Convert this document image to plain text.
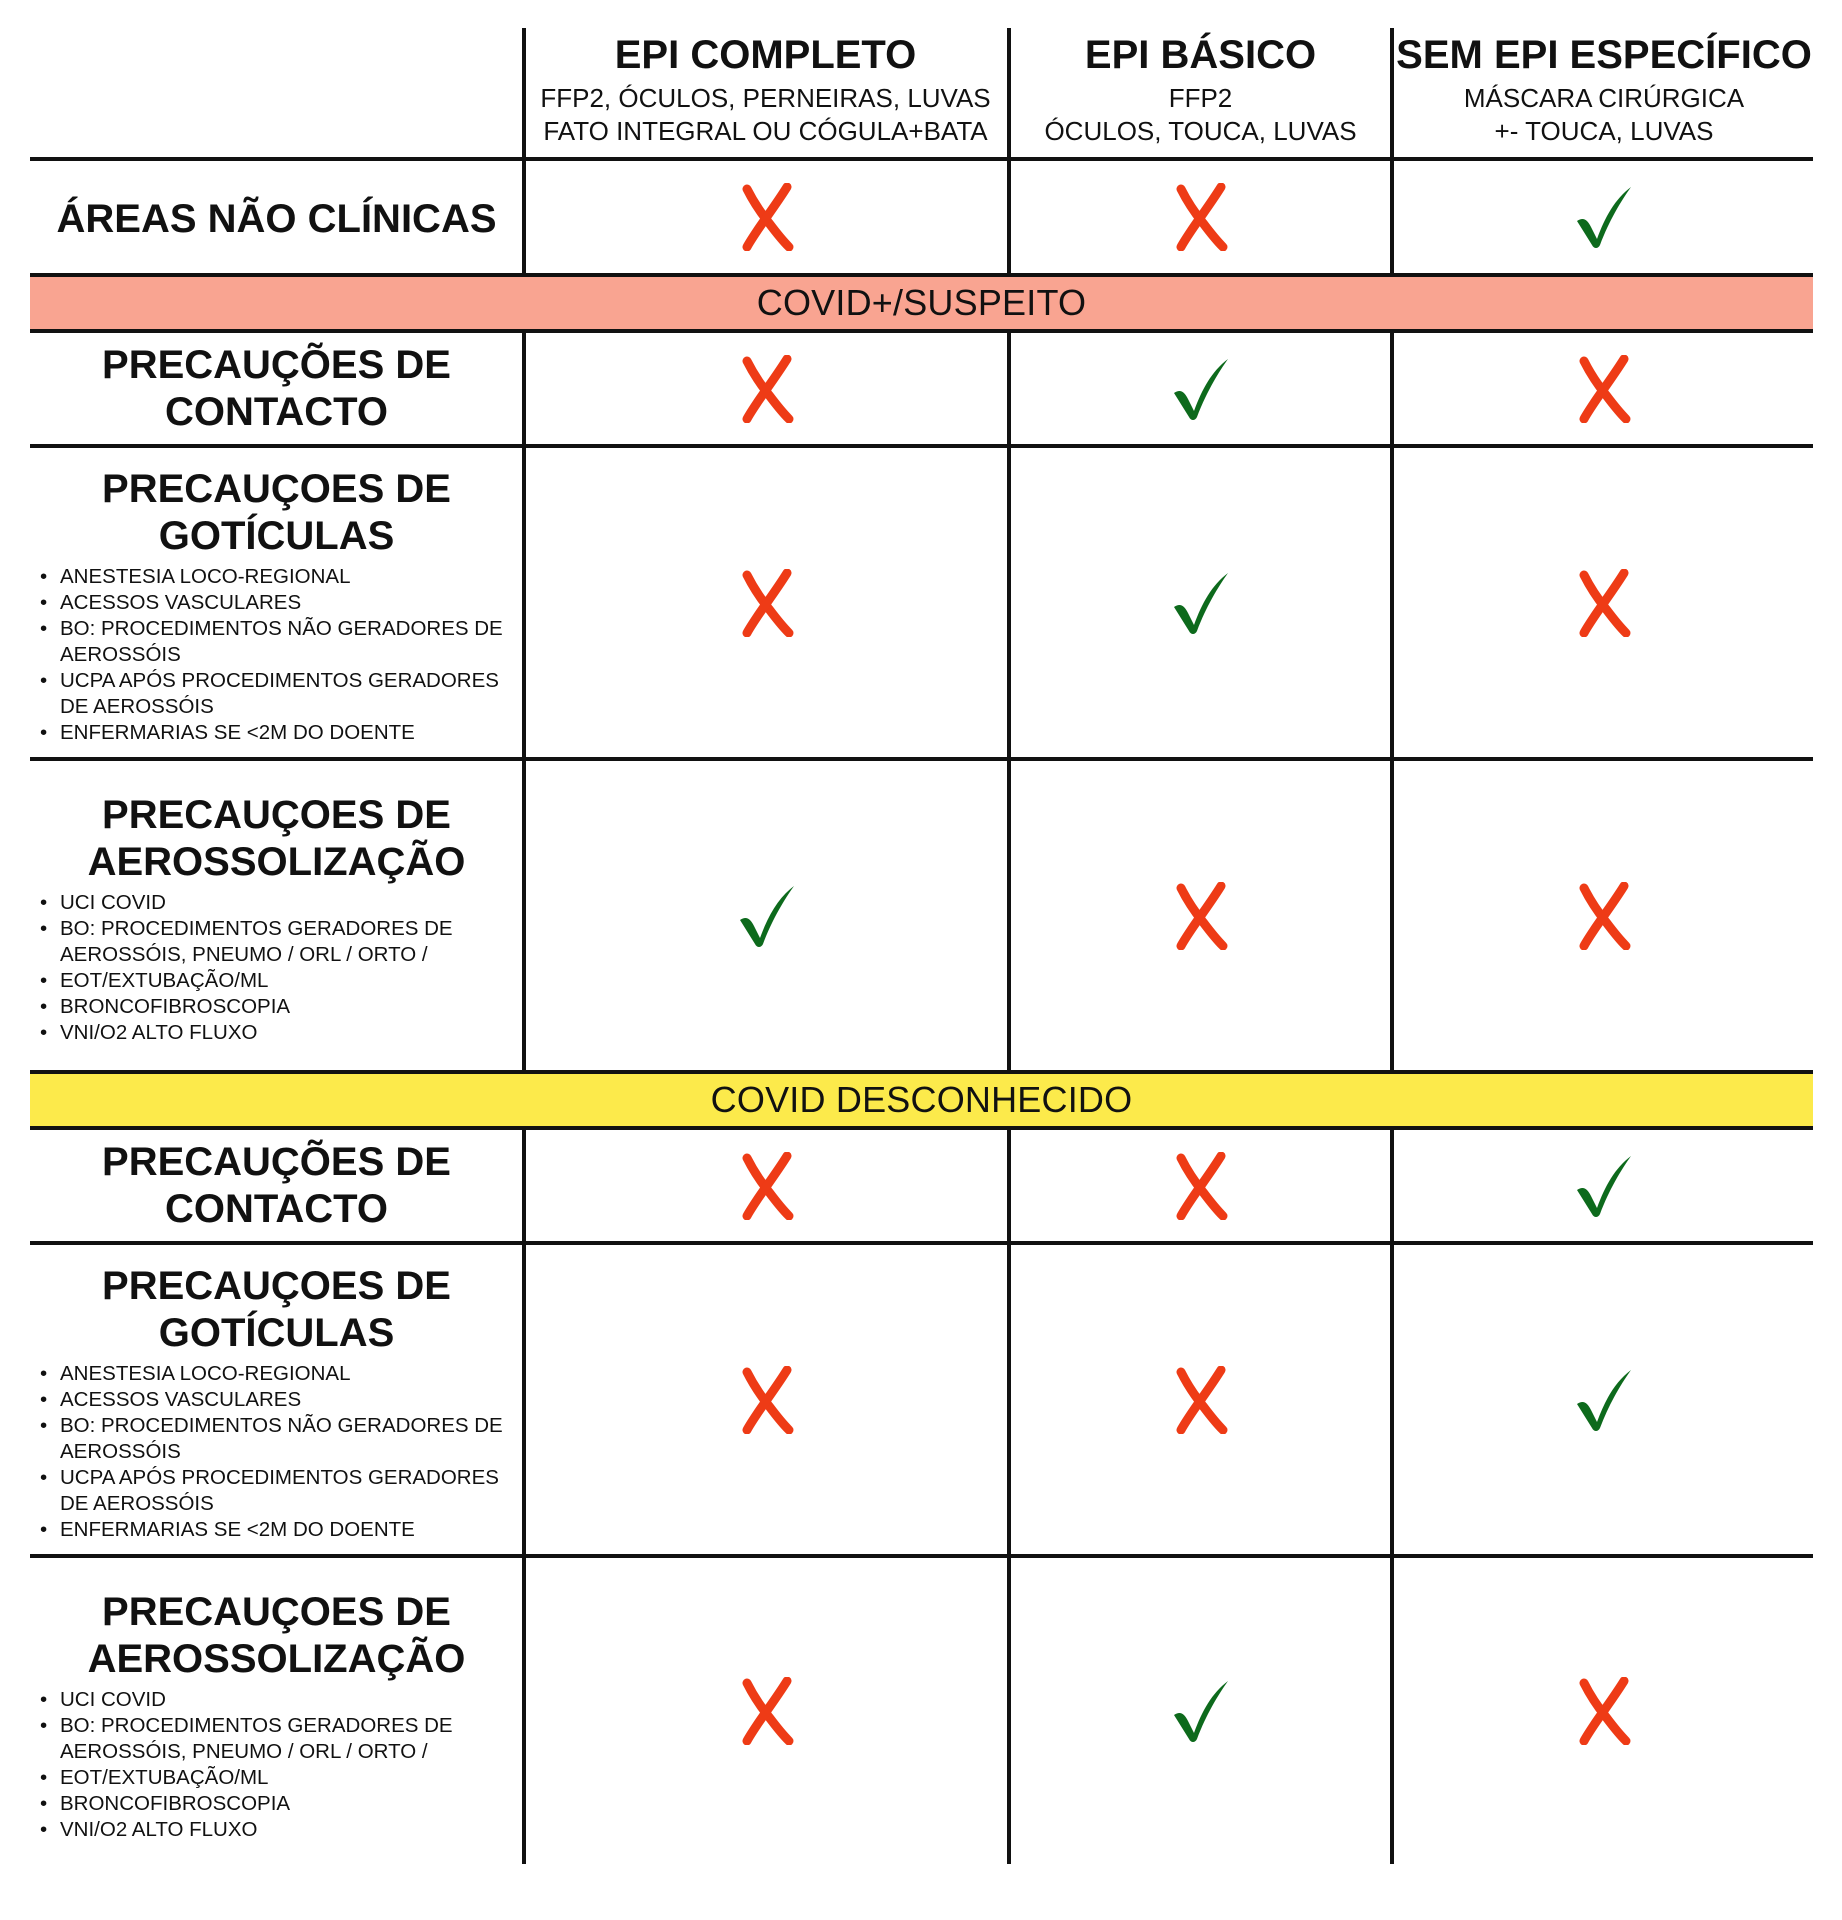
EPI COMPLETO
FFP2, ÓCULOS, PERNEIRAS, LUVAS
FATO INTEGRAL OU CÓGULA+BATA
EPI BÁSICO
FFP2
ÓCULOS, TOUCA, LUVAS
SEM EPI ESPECÍFICO
MÁSCARA CIRÚRGICA
+- TOUCA, LUVAS
COVID+/SUSPEITO
COVID DESCONHECIDO
ÁREAS NÃO CLÍNICAS
PRECAUÇÕES DE
CONTACTO
PRECAUÇOES DE
GOTÍCULAS
• ANESTESIA LOCO-REGIONAL
• ACESSOS VASCULARES
• BO: PROCEDIMENTOS NÃO GERADORES DE AEROSSÓIS
• UCPA APÓS PROCEDIMENTOS GERADORES DE AEROSSÓIS
• ENFERMARIAS SE <2M DO DOENTE
PRECAUÇOES DE
AEROSSOLIZAÇÃO
• UCI COVID
• BO: PROCEDIMENTOS GERADORES DE AEROSSÓIS, PNEUMO / ORL / ORTO /
• EOT/EXTUBAÇÃO/ML
• BRONCOFIBROSCOPIA
• VNI/O2 ALTO FLUXO
PRECAUÇÕES DE
CONTACTO
PRECAUÇOES DE
GOTÍCULAS
• ANESTESIA LOCO-REGIONAL
• ACESSOS VASCULARES
• BO: PROCEDIMENTOS NÃO GERADORES DE AEROSSÓIS
• UCPA APÓS PROCEDIMENTOS GERADORES DE AEROSSÓIS
• ENFERMARIAS SE <2M DO DOENTE
PRECAUÇOES DE
AEROSSOLIZAÇÃO
• UCI COVID
• BO: PROCEDIMENTOS GERADORES DE AEROSSÓIS, PNEUMO / ORL / ORTO /
• EOT/EXTUBAÇÃO/ML
• BRONCOFIBROSCOPIA
• VNI/O2 ALTO FLUXO
